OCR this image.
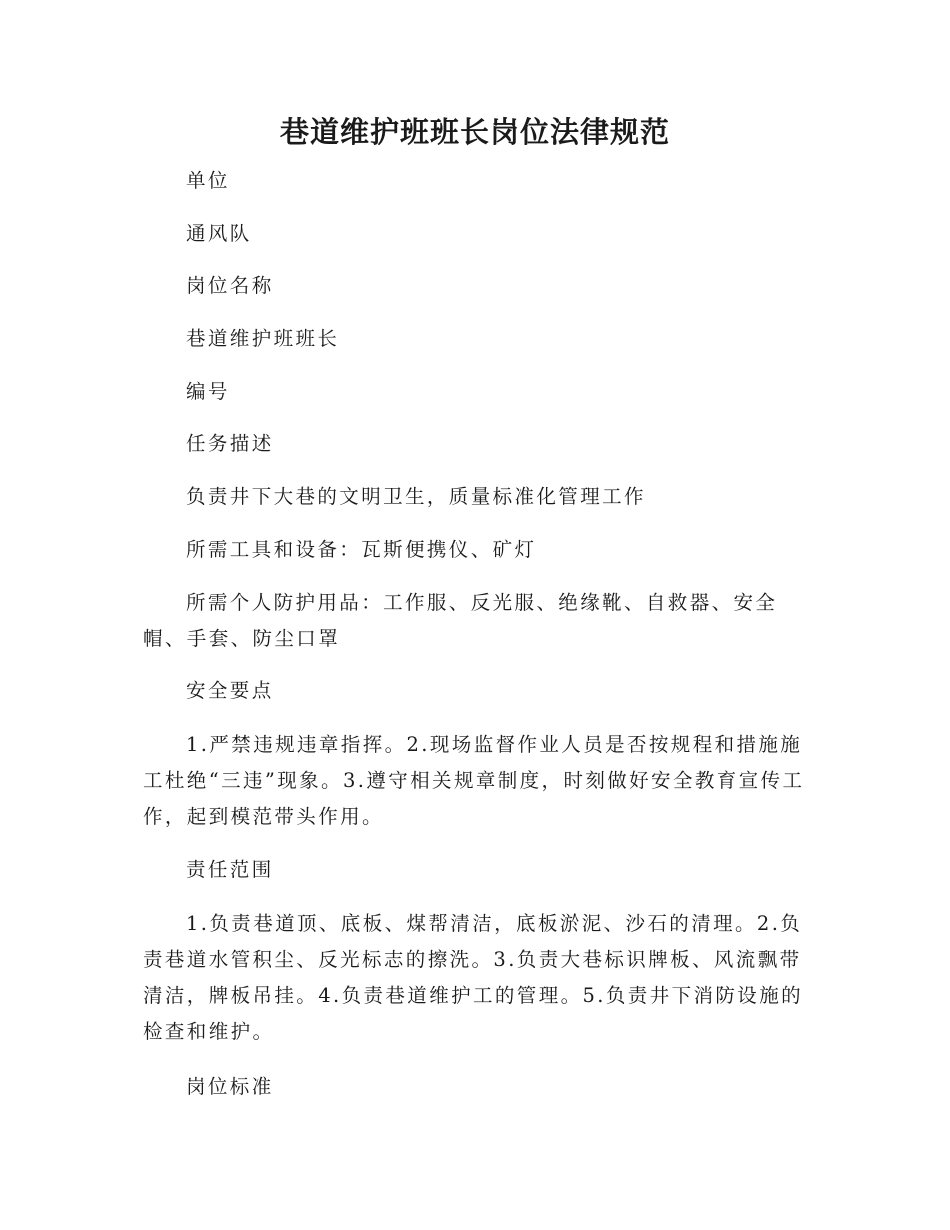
巷道维护班班长岗位法律规范

单位

通风队

岗位名称

巷道维护班班长

编号

任务描述

负责井下大巷的文明卫生，质量标准化管理工作

所需工具和设备：瓦斯便携仪、矿灯

所需个人防护用品：工作服、反光服、绝缘靴、自救器、安全帽、手套、防尘口罩

安全要点

1.严禁违规违章指挥。2.现场监督作业人员是否按规程和措施施工杜绝“三违”现象。3.遵守相关规章制度，时刻做好安全教育宣传工作，起到模范带头作用。

责任范围

1.负责巷道顶、底板、煤帮清洁，底板淤泥、沙石的清理。2.负责巷道水管积尘、反光标志的擦洗。3.负责大巷标识牌板、风流飘带清洁，牌板吊挂。4.负责巷道维护工的管理。5.负责井下消防设施的检查和维护。

岗位标准
